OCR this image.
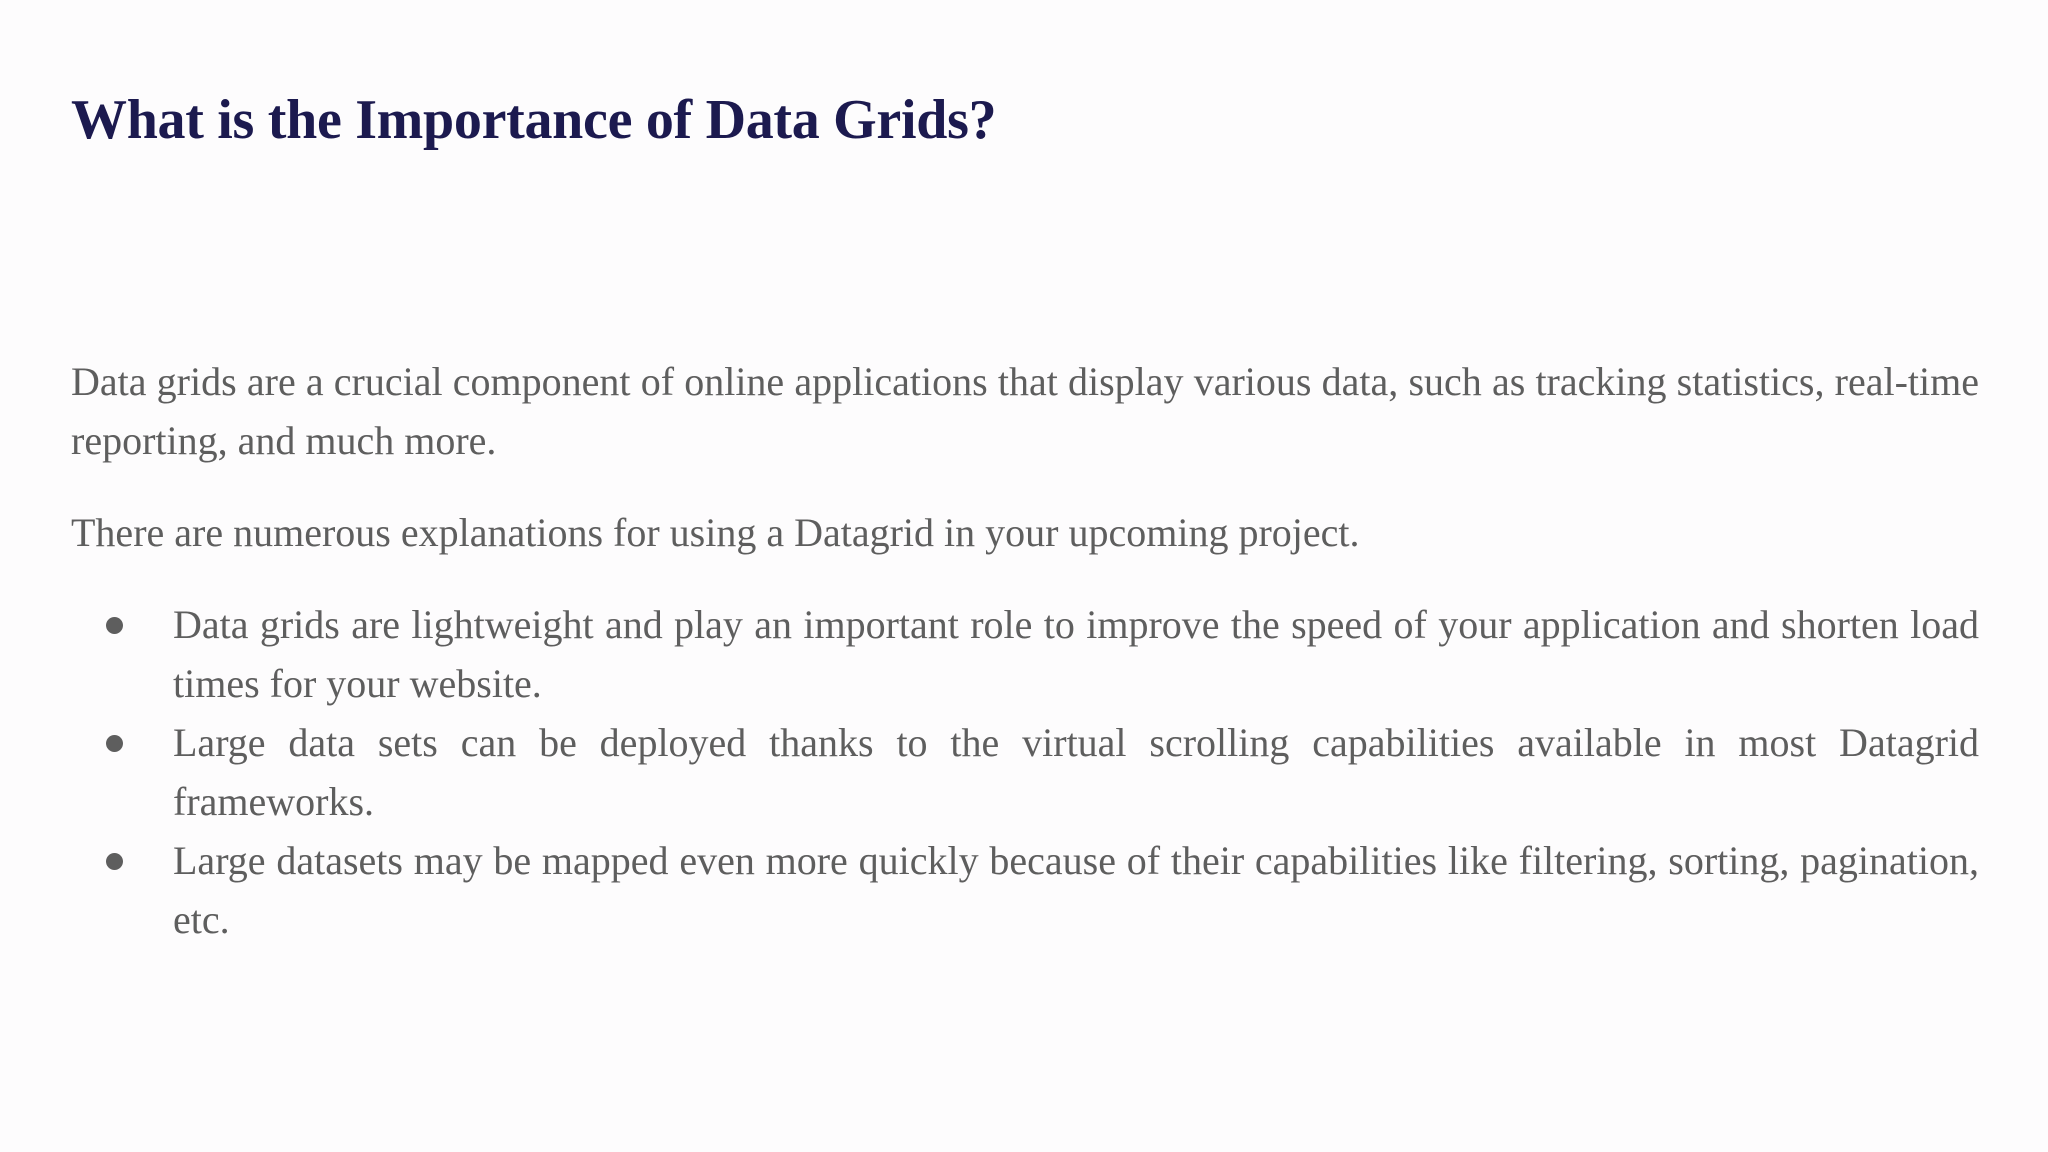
What is the Importance of Data Grids?

Data grids are a crucial component of online applications that display various data, such as tracking statistics, real-time reporting, and much more.

There are numerous explanations for using a Datagrid in your upcoming project.

Data grids are lightweight and play an important role to improve the speed of your application and shorten load times for your website.
Large data sets can be deployed thanks to the virtual scrolling capabilities available in most Datagrid frameworks.
Large datasets may be mapped even more quickly because of their capabilities like filtering, sorting, pagination, etc.
